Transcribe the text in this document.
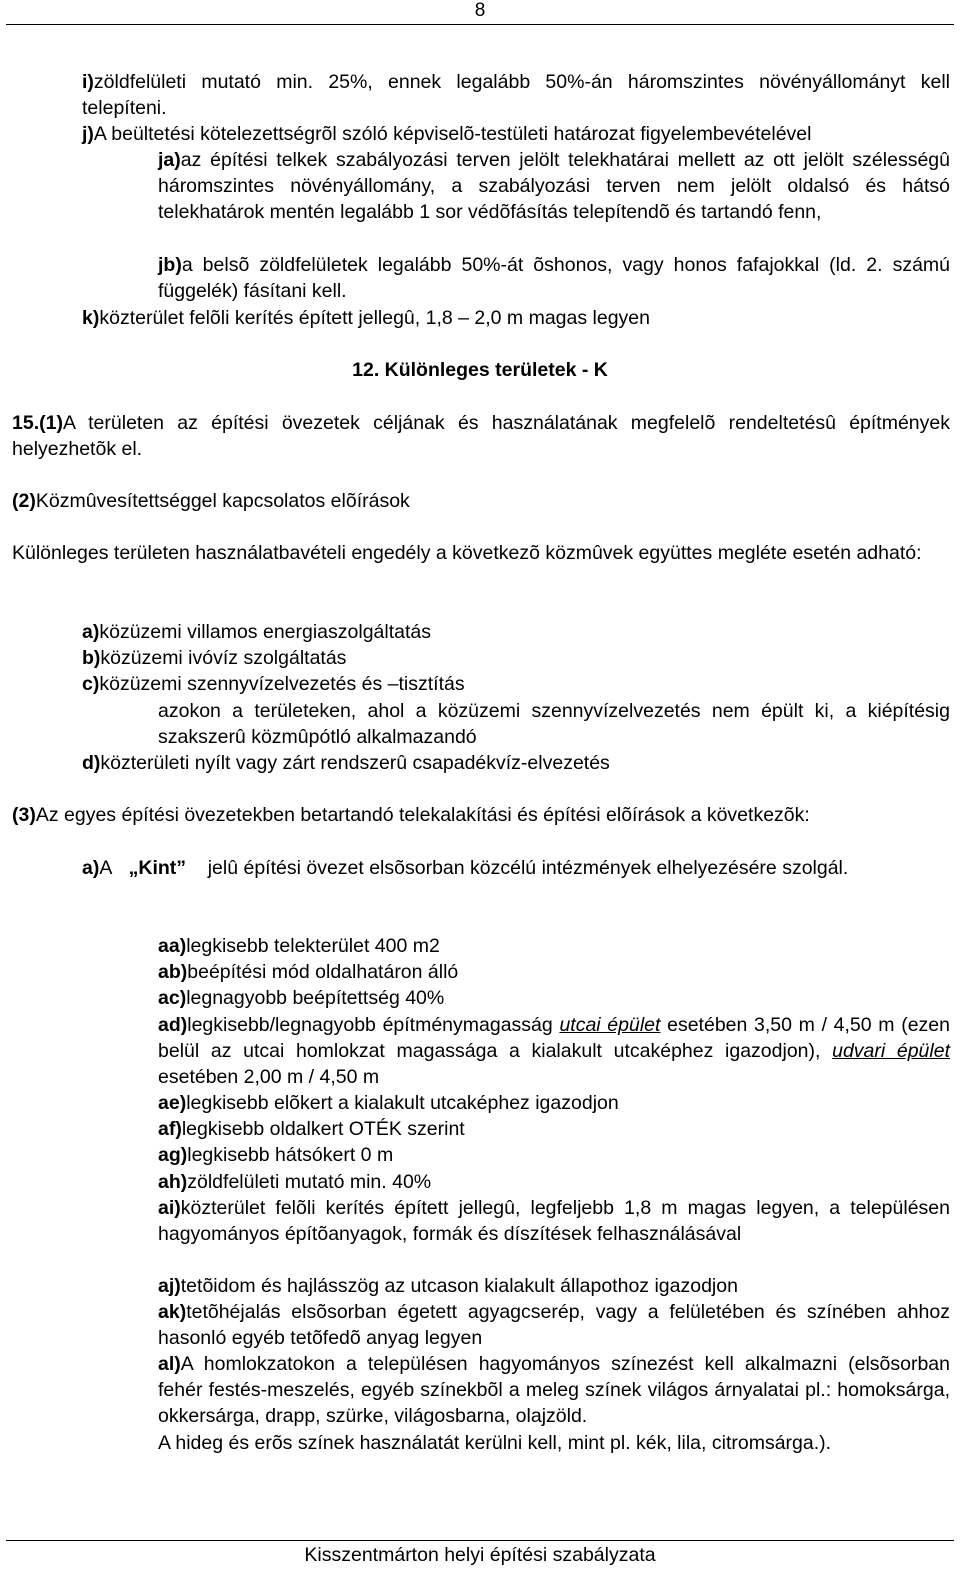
8
i)zöldfelületi mutató min. 25%, ennek legalább 50%-án háromszintes növényállományt kell telepíteni.
j)A beültetési kötelezettségrõl szóló képviselõ-testületi határozat figyelembevételével
ja)az építési telkek szabályozási terven jelölt telekhatárai mellett az ott jelölt szélességû háromszintes növényállomány, a szabályozási terven nem jelölt oldalsó és hátsó telekhatárok mentén legalább 1 sor védõfásítás telepítendõ és tartandó fenn,
jb)a belsõ zöldfelületek legalább 50%-át õshonos, vagy honos fafajokkal (ld. 2. számú függelék) fásítani kell.
k)közterület felõli kerítés épített jellegû, 1,8 – 2,0 m magas legyen
12. Különleges területek - K
15.(1)A területen az építési övezetek céljának és használatának megfelelõ rendeltetésû építmények helyezhetõk el.
(2)Közmûvesítettséggel kapcsolatos elõírások
Különleges területen használatbavételi engedély a következõ közmûvek együttes megléte esetén adható:
a)közüzemi villamos energiaszolgáltatás
b)közüzemi ivóvíz szolgáltatás
c)közüzemi szennyvízelvezetés és –tisztítás
azokon a területeken, ahol a közüzemi szennyvízelvezetés nem épült ki, a kiépítésig szakszerû közmûpótló alkalmazandó
d)közterületi nyílt vagy zárt rendszerû csapadékvíz-elvezetés
(3)Az egyes építési övezetekben betartandó telekalakítási és építési elõírások a következõk:
a)A „Kint” jelû építési övezet elsõsorban közcélú intézmények elhelyezésére szolgál.
aa)legkisebb telekterület 400 m2
ab)beépítési mód oldalhatáron álló
ac)legnagyobb beépítettség 40%
ad)legkisebb/legnagyobb építménymagasság utcai épület esetében 3,50 m / 4,50 m (ezen belül az utcai homlokzat magassága a kialakult utcaképhez igazodjon), udvari épület esetében 2,00 m / 4,50 m
ae)legkisebb elõkert a kialakult utcaképhez igazodjon
af)legkisebb oldalkert OTÉK szerint
ag)legkisebb hátsókert 0 m
ah)zöldfelületi mutató min. 40%
ai)közterület felõli kerítés épített jellegû, legfeljebb 1,8 m magas legyen, a településen hagyományos építõanyagok, formák és díszítések felhasználásával
aj)tetõidom és hajlásszög az utcason kialakult állapothoz igazodjon
ak)tetõhéjalás elsõsorban égetett agyagcserép, vagy a felületében és színében ahhoz hasonló egyéb tetõfedõ anyag legyen
al)A homlokzatokon a településen hagyományos színezést kell alkalmazni (elsõsorban fehér festés-meszelés, egyéb színekbõl a meleg színek világos árnyalatai pl.: homoksárga, okkersárga, drapp, szürke, világosbarna, olajzöld.
A hideg és erõs színek használatát kerülni kell, mint pl. kék, lila, citromsárga.).
Kisszentmárton helyi építési szabályzata
